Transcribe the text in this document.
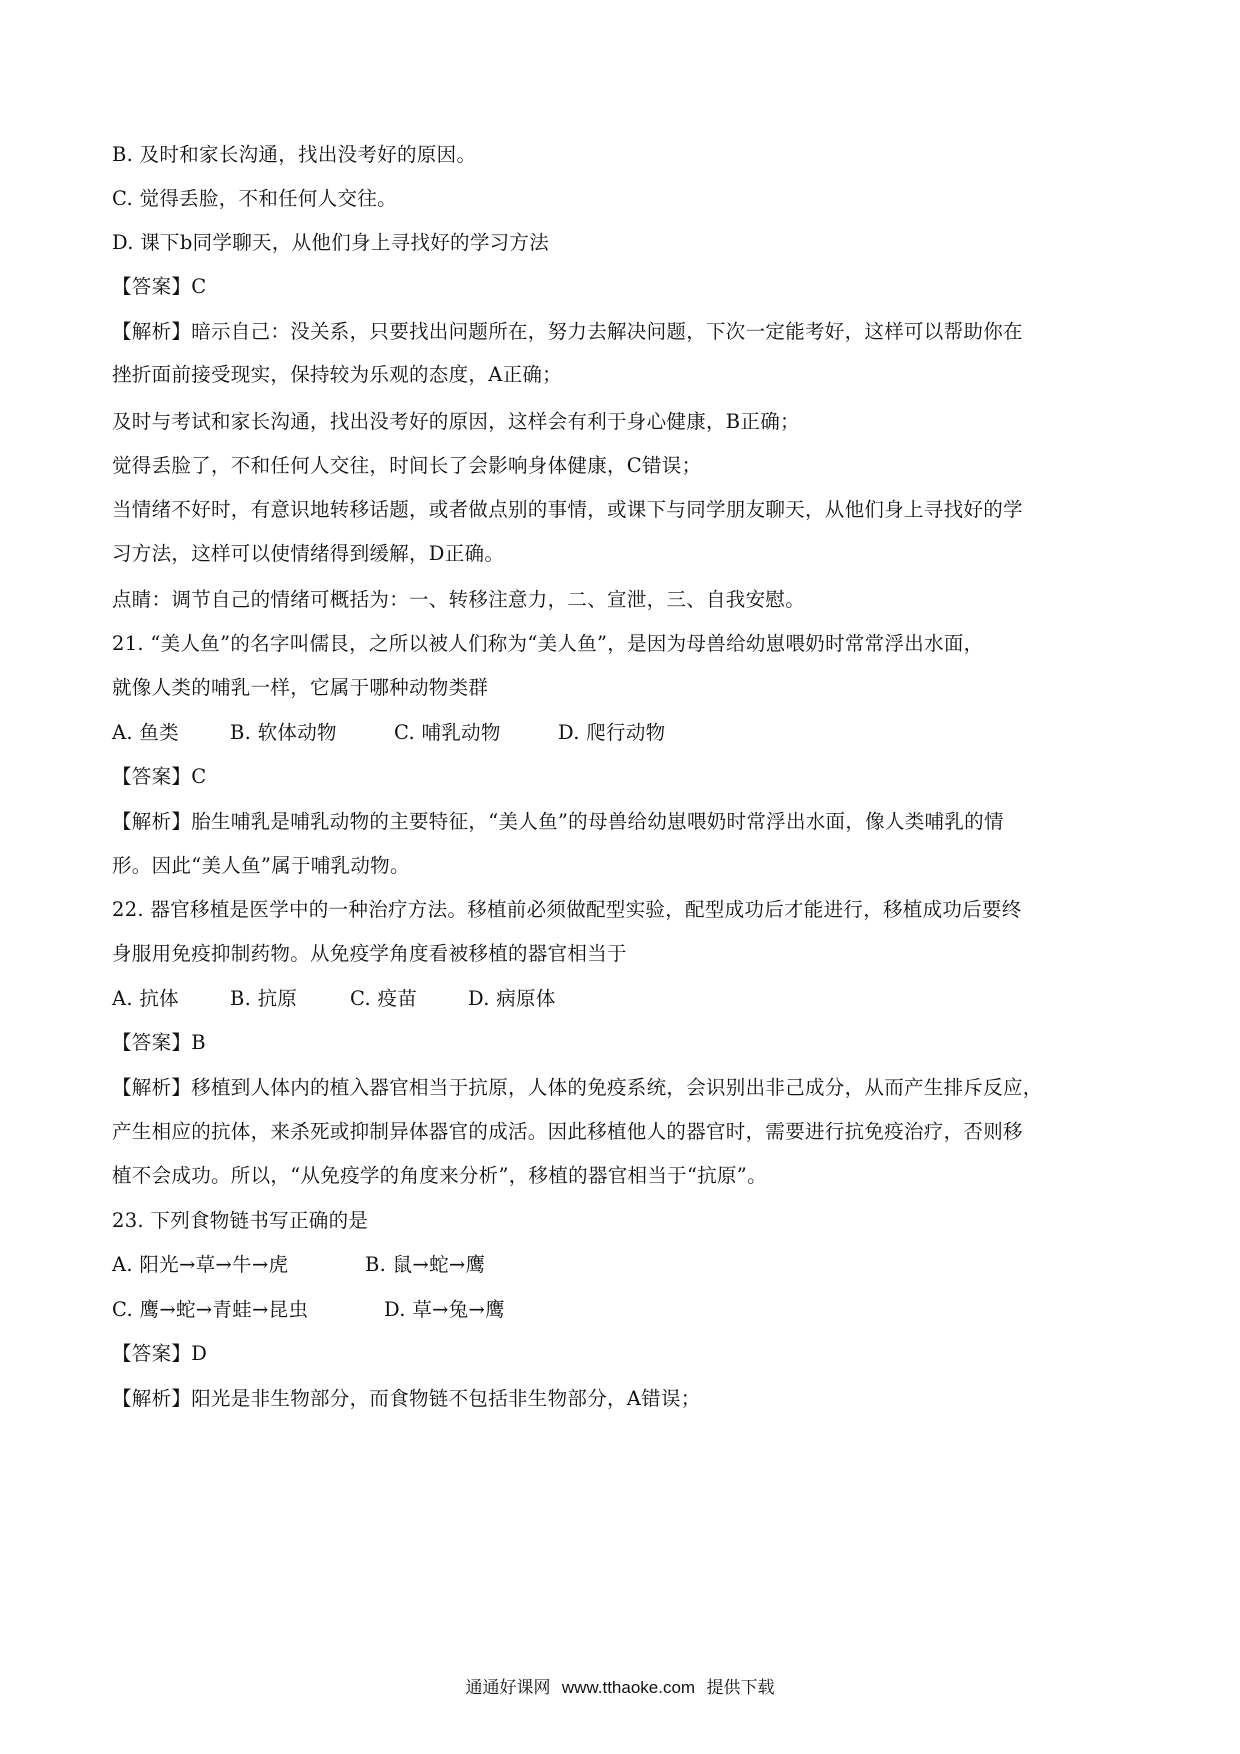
B. 及时和家长沟通，找出没考好的原因。
C. 觉得丢脸，不和任何人交往。
D. 课下b同学聊天，从他们身上寻找好的学习方法
【答案】C
【解析】暗示自己：没关系，只要找出问题所在，努力去解决问题，下次一定能考好，这样可以帮助你在
挫折面前接受现实，保持较为乐观的态度，A正确；
及时与考试和家长沟通，找出没考好的原因，这样会有利于身心健康，B正确；
觉得丢脸了，不和任何人交往，时间长了会影响身体健康，C错误；
当情绪不好时，有意识地转移话题，或者做点别的事情，或课下与同学朋友聊天，从他们身上寻找好的学
习方法，这样可以使情绪得到缓解，D正确。
点睛：调节自己的情绪可概括为：一、转移注意力，二、宣泄，三、自我安慰。
21. “美人鱼”的名字叫儒艮，之所以被人们称为“美人鱼”，是因为母兽给幼崽喂奶时常常浮出水面，
就像人类的哺乳一样，它属于哪种动物类群
A. 鱼类	B. 软体动物	C. 哺乳动物	D. 爬行动物
【答案】C
【解析】胎生哺乳是哺乳动物的主要特征，“美人鱼”的母兽给幼崽喂奶时常浮出水面，像人类哺乳的情
形。因此“美人鱼”属于哺乳动物。
22. 器官移植是医学中的一种治疗方法。移植前必须做配型实验，配型成功后才能进行，移植成功后要终
身服用免疫抑制药物。从免疫学角度看被移植的器官相当于
A. 抗体	B. 抗原	C. 疫苗	D. 病原体
【答案】B
【解析】移植到人体内的植入器官相当于抗原，人体的免疫系统，会识别出非己成分，从而产生排斥反应，
产生相应的抗体，来杀死或抑制异体器官的成活。因此移植他人的器官时，需要进行抗免疫治疗，否则移
植不会成功。所以，“从免疫学的角度来分析”，移植的器官相当于“抗原”。
23. 下列食物链书写正确的是
A. 阳光→草→牛→虎	B. 鼠→蛇→鹰
C. 鹰→蛇→青蛙→昆虫	D. 草→兔→鹰
【答案】D
【解析】阳光是非生物部分，而食物链不包括非生物部分，A错误；
通通好课网 www.tthaoke.com 提供下载
